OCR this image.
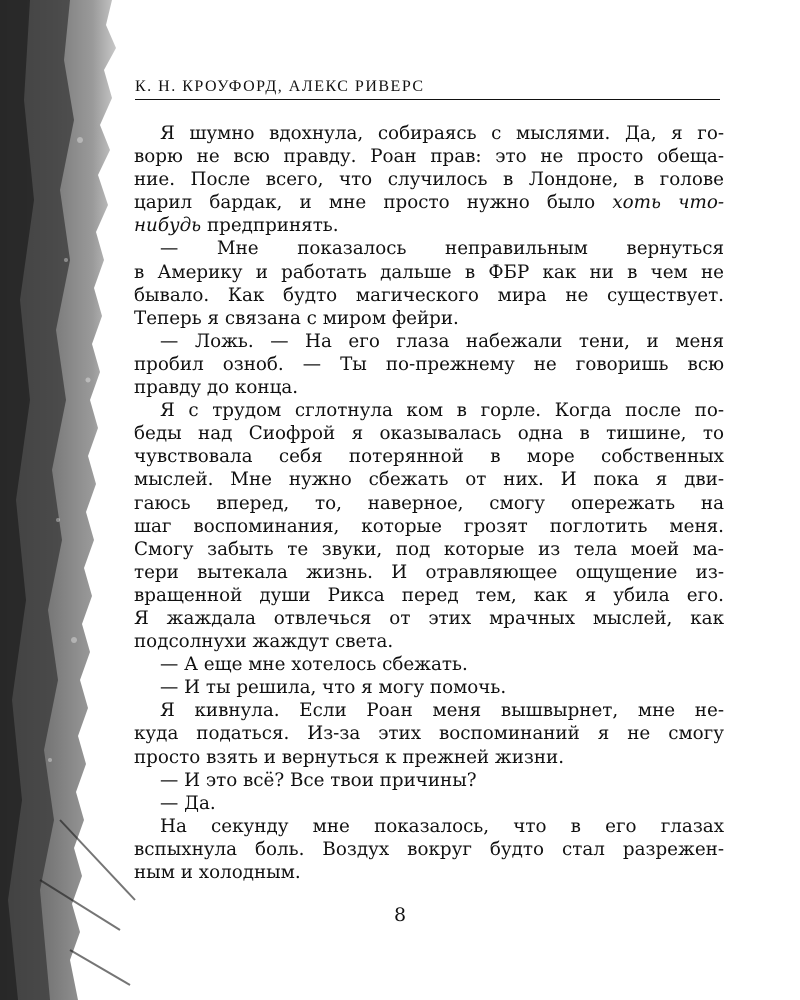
К. Н. КРОУФОРД, АЛЕКС РИВЕРС
Я шумно вдохнула, собираясь с мыслями. Да, я го-
ворю не всю правду. Роан прав: это не просто обеща-
ние. После всего, что случилось в Лондоне, в голове
царил бардак, и мне просто нужно было хоть что-
нибудь предпринять.
— Мне показалось неправильным вернуться
в Америку и работать дальше в ФБР как ни в чем не
бывало. Как будто магического мира не существует.
Теперь я связана с миром фейри.
— Ложь. — На его глаза набежали тени, и меня
пробил озноб. — Ты по-прежнему не говоришь всю
правду до конца.
Я с трудом сглотнула ком в горле. Когда после по-
беды над Сиофрой я оказывалась одна в тишине, то
чувствовала себя потерянной в море собственных
мыслей. Мне нужно сбежать от них. И пока я дви-
гаюсь вперед, то, наверное, смогу опережать на
шаг воспоминания, которые грозят поглотить меня.
Смогу забыть те звуки, под которые из тела моей ма-
тери вытекала жизнь. И отравляющее ощущение из-
вращенной души Рикса перед тем, как я убила его.
Я жаждала отвлечься от этих мрачных мыслей, как
подсолнухи жаждут света.
— А еще мне хотелось сбежать.
— И ты решила, что я могу помочь.
Я кивнула. Если Роан меня вышвырнет, мне не-
куда податься. Из-за этих воспоминаний я не смогу
просто взять и вернуться к прежней жизни.
— И это всё? Все твои причины?
— Да.
На секунду мне показалось, что в его глазах
вспыхнула боль. Воздух вокруг будто стал разрежен-
ным и холодным.
8
